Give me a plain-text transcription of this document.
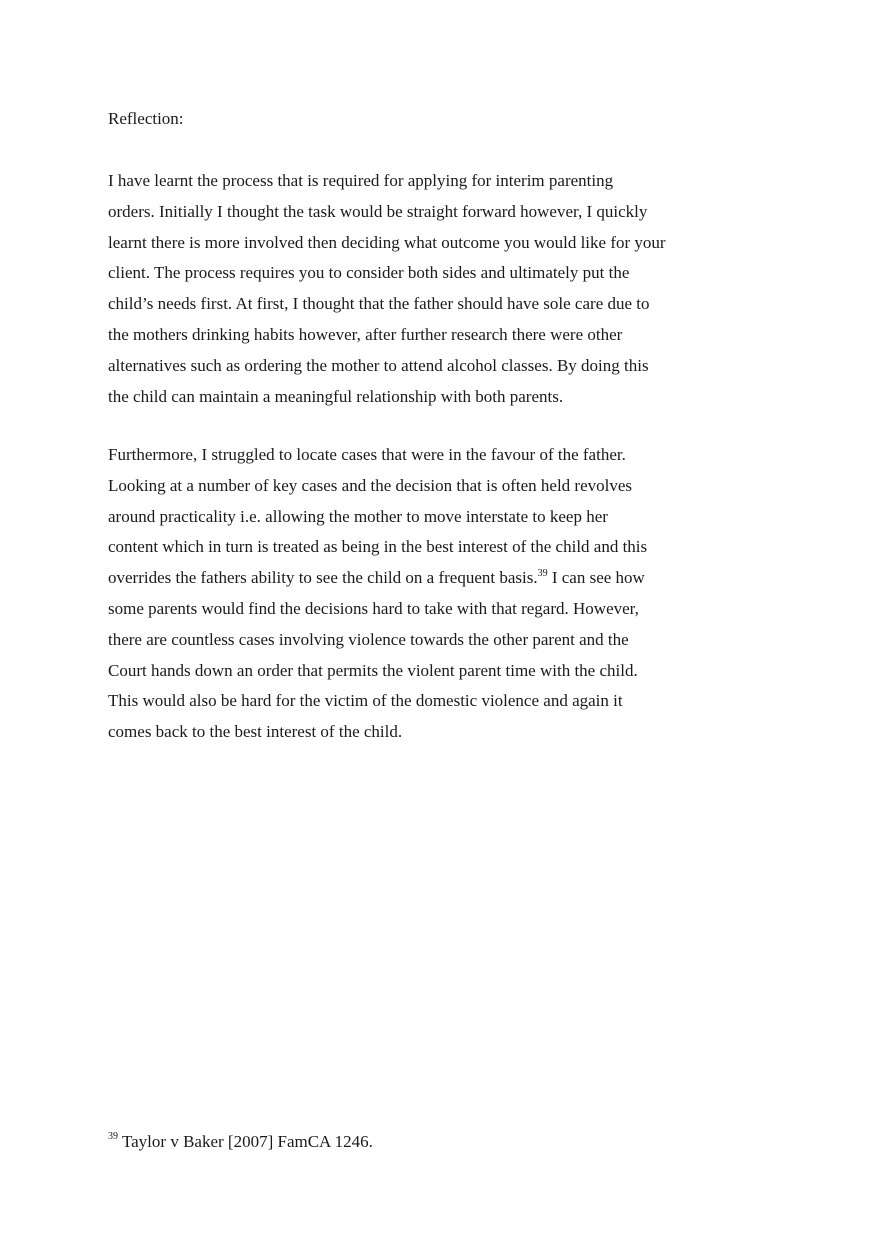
Reflection:

I have learnt the process that is required for applying for interim parenting
orders. Initially I thought the task would be straight forward however, I quickly
learnt there is more involved then deciding what outcome you would like for your
client. The process requires you to consider both sides and ultimately put the
child’s needs first. At first, I thought that the father should have sole care due to
the mothers drinking habits however, after further research there were other
alternatives such as ordering the mother to attend alcohol classes. By doing this
the child can maintain a meaningful relationship with both parents.

Furthermore, I struggled to locate cases that were in the favour of the father.
Looking at a number of key cases and the decision that is often held revolves
around practicality i.e. allowing the mother to move interstate to keep her
content which in turn is treated as being in the best interest of the child and this
overrides the fathers ability to see the child on a frequent basis.$^{39}$ I can see how
some parents would find the decisions hard to take with that regard. However,
there are countless cases involving violence towards the other parent and the
Court hands down an order that permits the violent parent time with the child.
This would also be hard for the victim of the domestic violence and again it
comes back to the best interest of the child.

$^{39}$ Taylor v Baker [2007] FamCA 1246.
